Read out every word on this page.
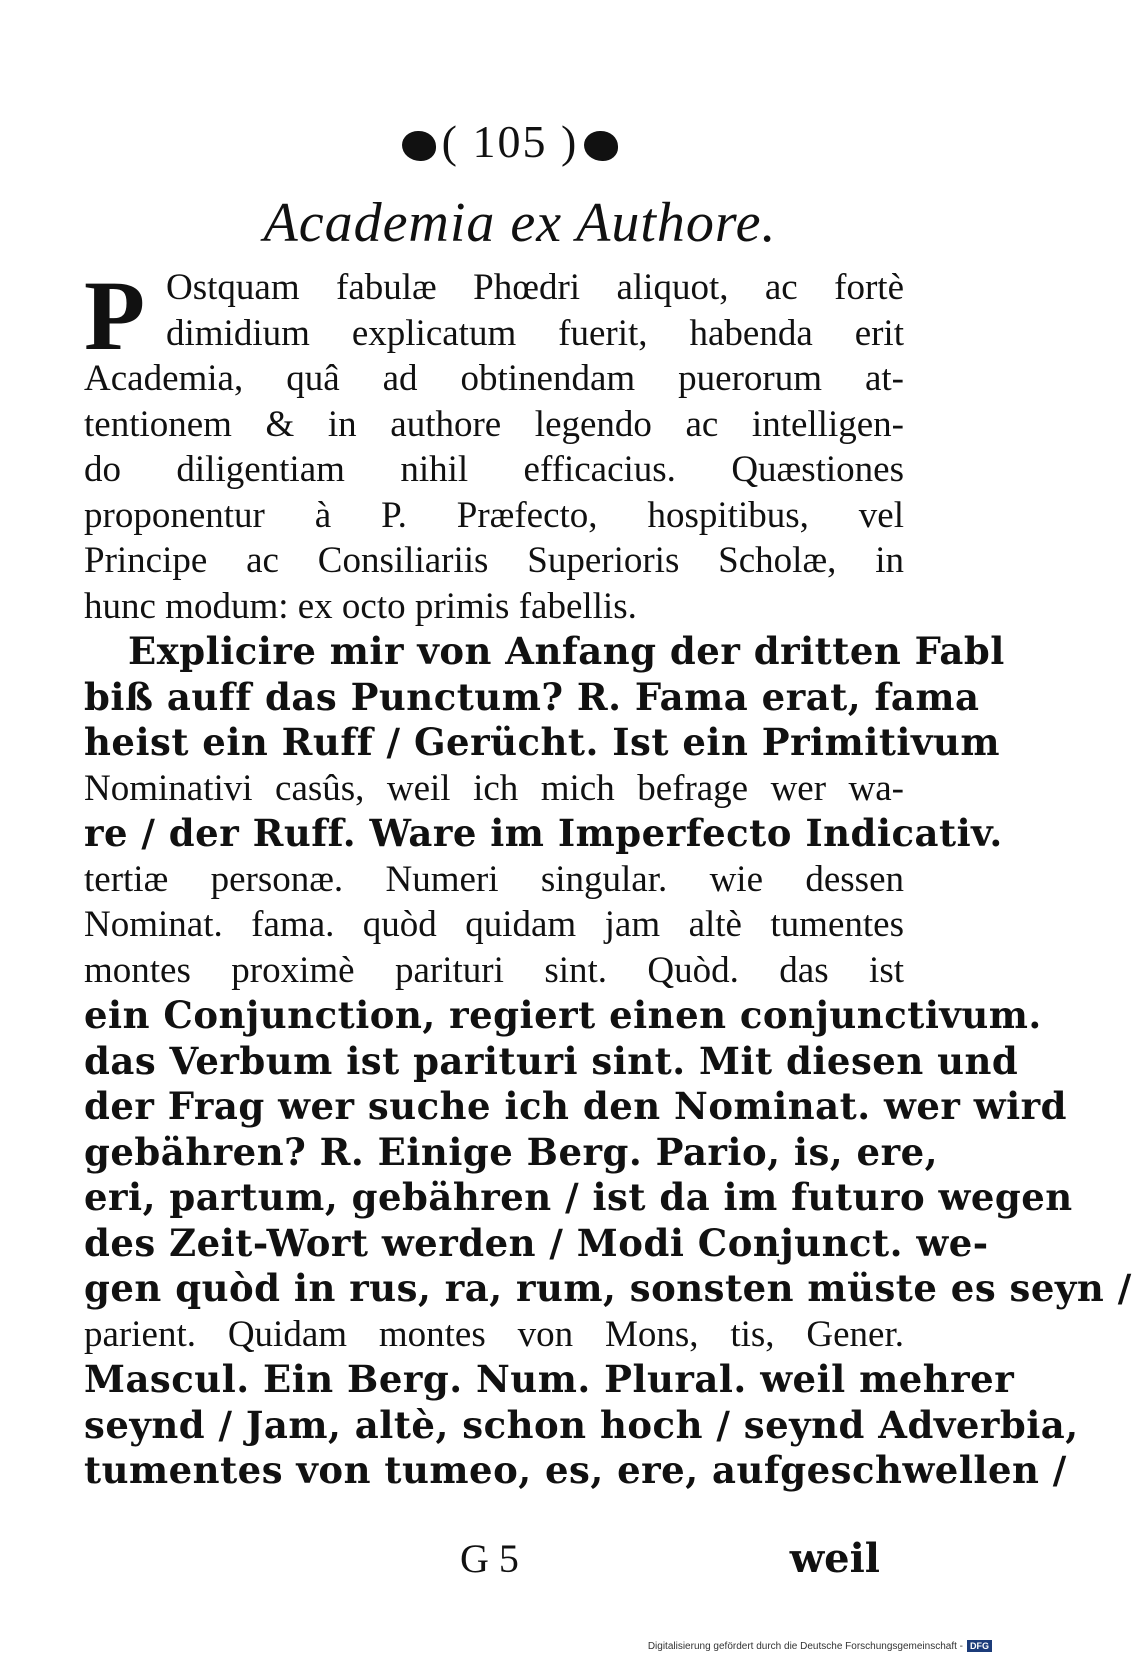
( 105 )
Academia ex Authore.
P Ostquam fabulæ Phœdri aliquot, ac fortè
dimidium explicatum fuerit, habenda erit
Academia, quâ ad obtinendam puerorum at-
tentionem & in authore legendo ac intelligen-
do diligentiam nihil efficacius. Quæstiones
proponentur à P. Præfecto, hospitibus, vel
Principe ac Consiliariis Superioris Scholæ, in
hunc modum: ex octo primis fabellis.
Explicire mir von Anfang der dritten Fabl
biß auff das Punctum? R. Fama erat, fama
heist ein Ruff / Gerücht. Ist ein Primitivum
Nominativi casûs, weil ich mich befrage wer wa-
re / der Ruff. Ware im Imperfecto Indicativ.
tertiæ personæ. Numeri singular. wie dessen
Nominat. fama. quòd quidam jam altè tumentes
montes proximè parituri sint. Quòd. das ist
ein Conjunction, regiert einen conjunctivum.
das Verbum ist parituri sint. Mit diesen und
der Frag wer suche ich den Nominat. wer wird
gebähren? R. Einige Berg. Pario, is, ere,
eri, partum, gebähren / ist da im futuro wegen
des Zeit-Wort werden / Modi Conjunct. we-
gen quòd in rus, ra, rum, sonsten müste es seyn /
parient. Quidam montes von Mons, tis, Gener.
Mascul. Ein Berg. Num. Plural. weil mehrer
seynd / Jam, altè, schon hoch / seynd Adverbia,
tumentes von tumeo, es, ere, aufgeschwellen /
G 5	weil
Digitalisierung gefördert durch die Deutsche Forschungsgemeinschaft - DFG
